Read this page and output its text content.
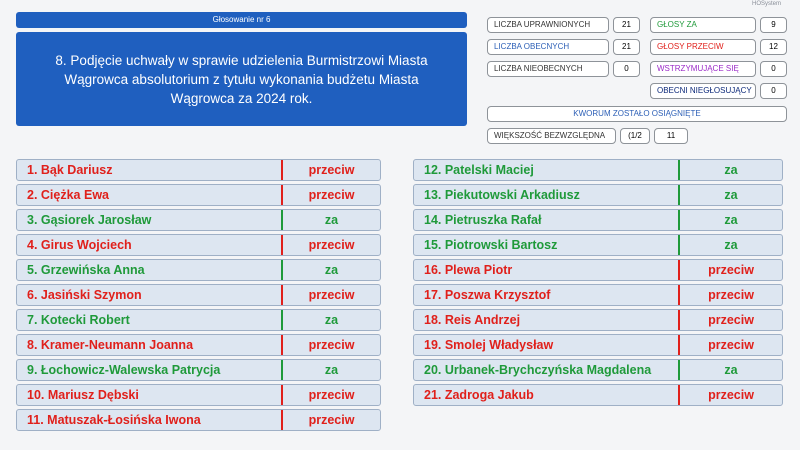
HOSystem
Głosowanie nr 6
8. Podjęcie uchwały w sprawie udzielenia Burmistrzowi Miasta Wągrowca absolutorium z tytułu wykonania budżetu Miasta Wągrowca za 2024 rok.
LICZBA UPRAWNIONYCH	21
LICZBA OBECNYCH	21
LICZBA NIEOBECNYCH	0
GŁOSY ZA	9
GŁOSY PRZECIW	12
WSTRZYMUJĄCE SIĘ	0
OBECNI NIEGŁOSUJĄCY	0
KWORUM ZOSTAŁO OSIĄGNIĘTE
WIĘKSZOŚĆ BEZWZGLĘDNA	(1/2	11
1. Bąk Dariusz	przeciw
2. Ciężka Ewa	przeciw
3. Gąsiorek Jarosław	za
4. Girus Wojciech	przeciw
5. Grzewińska Anna	za
6. Jasiński Szymon	przeciw
7. Kotecki Robert	za
8. Kramer-Neumann Joanna	przeciw
9. Łochowicz-Walewska Patrycja	za
10. Mariusz Dębski	przeciw
11. Matuszak-Łosińska Iwona	przeciw
12. Patelski Maciej	za
13. Piekutowski Arkadiusz	za
14. Pietruszka Rafał	za
15. Piotrowski Bartosz	za
16. Plewa Piotr	przeciw
17. Poszwa Krzysztof	przeciw
18. Reis Andrzej	przeciw
19. Smolej Władysław	przeciw
20. Urbanek-Brychczyńska Magdalena	za
21. Zadroga Jakub	przeciw
